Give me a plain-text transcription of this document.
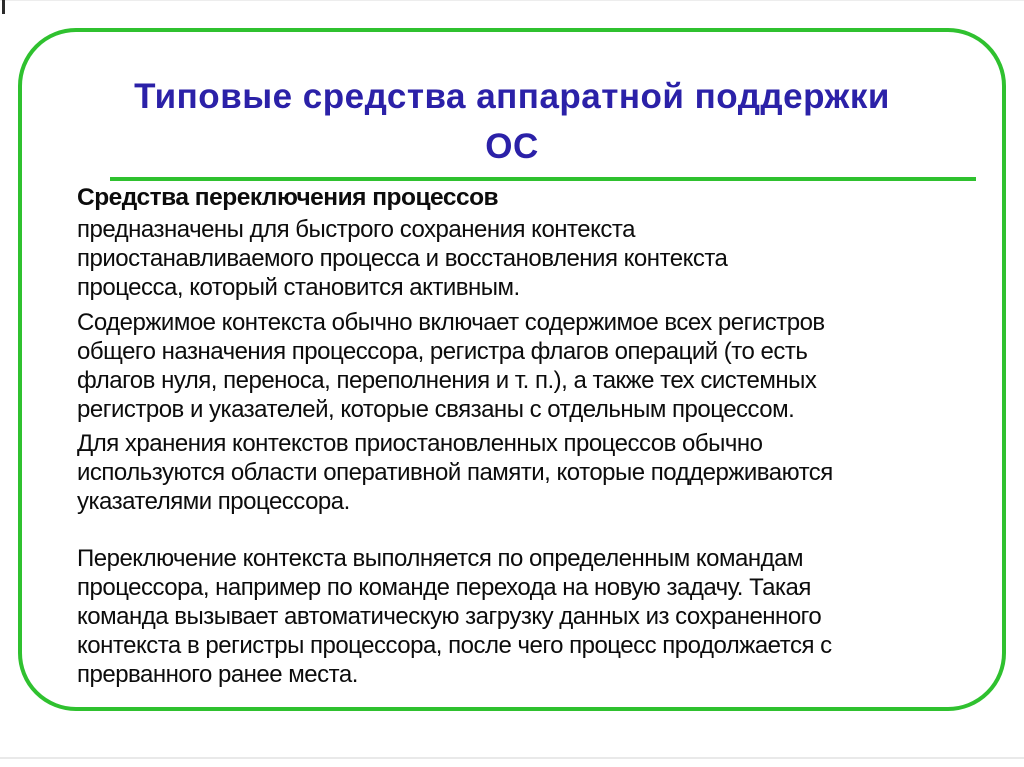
Типовые средства аппаратной поддержки
ОС

Средства переключения процессов

предназначены для быстрого сохранения контекста
приостанавливаемого процесса и восстановления контекста
процесса, который становится активным.
Содержимое контекста обычно включает содержимое всех регистров
общего назначения процессора, регистра флагов операций (то есть
флагов нуля, переноса, переполнения и т. п.), а также тех системных
регистров и указателей, которые связаны с отдельным процессом.
Для хранения контекстов приостановленных процессов обычно
используются области оперативной памяти, которые поддерживаются
указателями процессора.
Переключение контекста выполняется по определенным командам
процессора, например по команде перехода на новую задачу. Такая
команда вызывает автоматическую загрузку данных из сохраненного
контекста в регистры процессора, после чего процесс продолжается с
прерванного ранее места.
